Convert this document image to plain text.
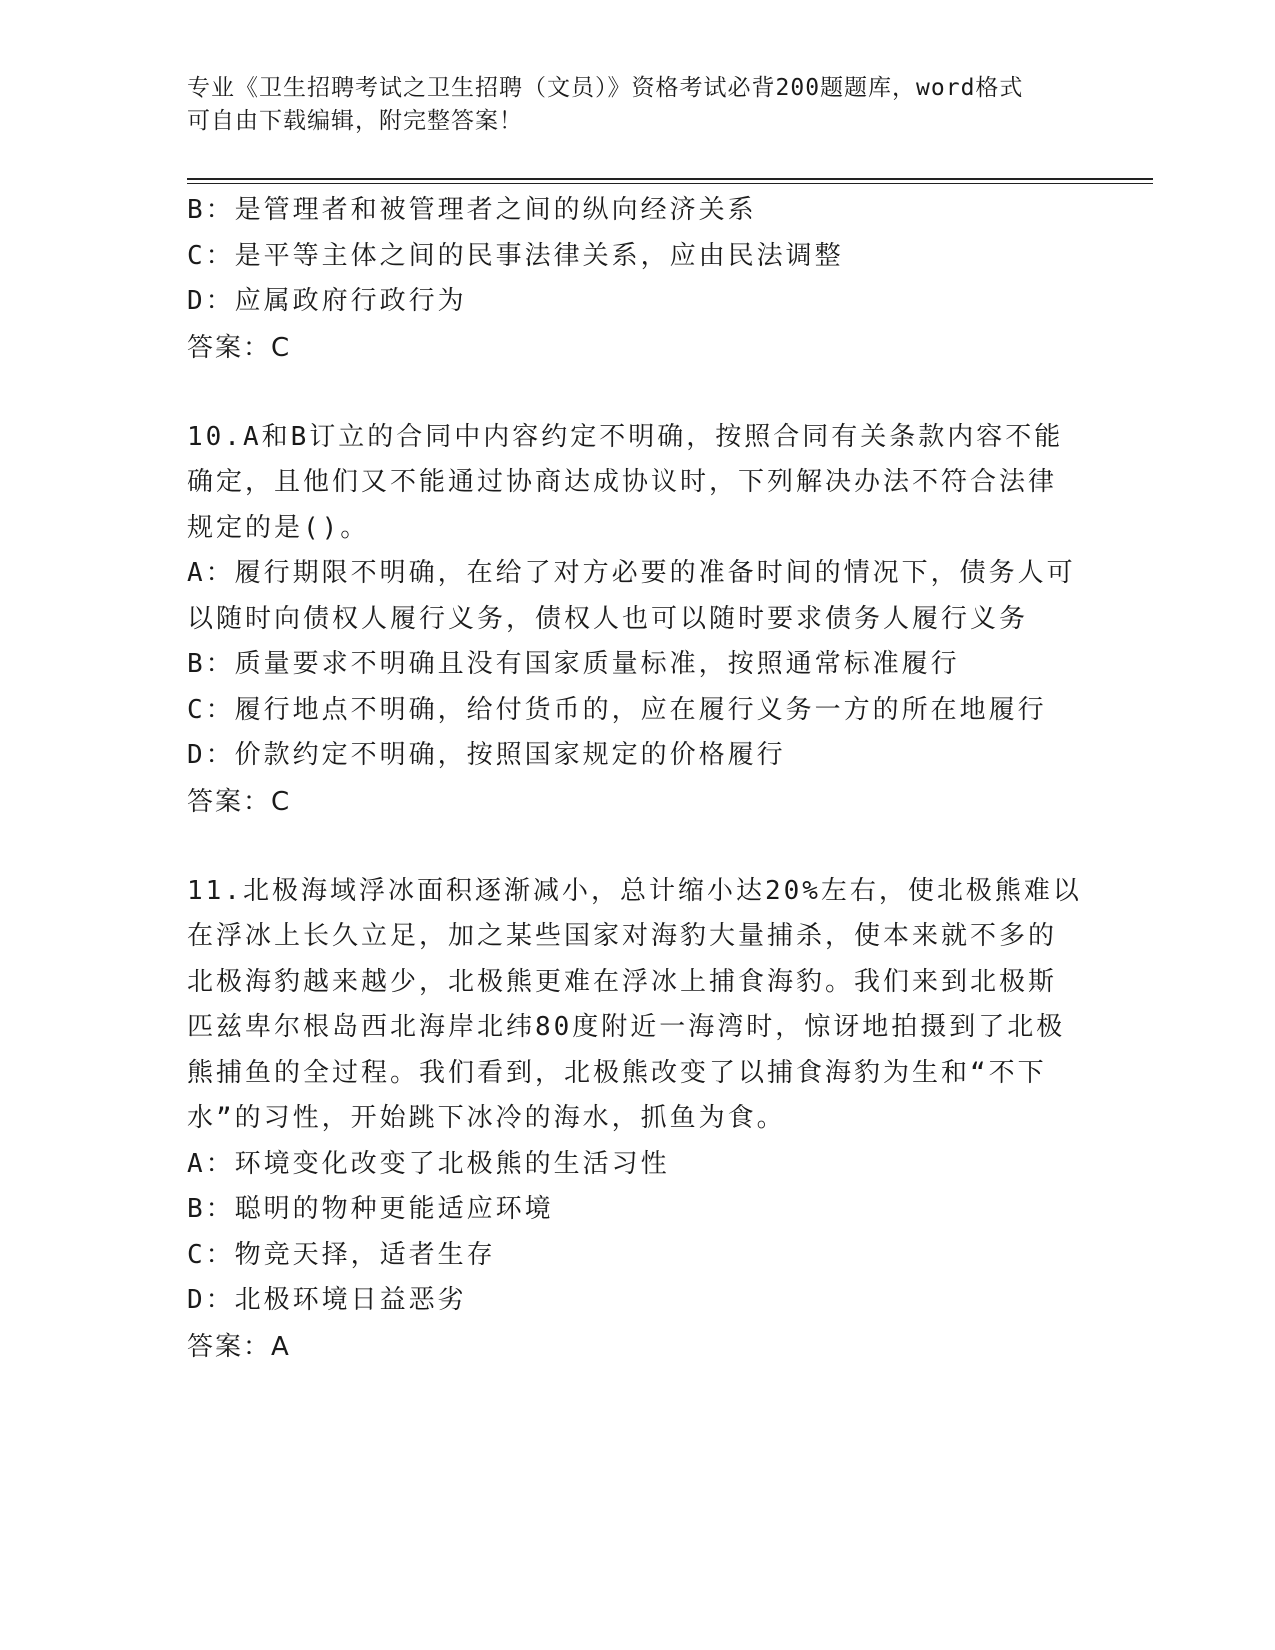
专业《卫生招聘考试之卫生招聘（文员）》资格考试必背200题题库，word格式
可自由下载编辑，附完整答案！
B：是管理者和被管理者之间的纵向经济关系
C：是平等主体之间的民事法律关系，应由民法调整
D：应属政府行政行为
答案：C
10.A和B订立的合同中内容约定不明确，按照合同有关条款内容不能
确定，且他们又不能通过协商达成协议时，下列解决办法不符合法律
规定的是()。
A：履行期限不明确，在给了对方必要的准备时间的情况下，债务人可
以随时向债权人履行义务，债权人也可以随时要求债务人履行义务
B：质量要求不明确且没有国家质量标准，按照通常标准履行
C：履行地点不明确，给付货币的，应在履行义务一方的所在地履行
D：价款约定不明确，按照国家规定的价格履行
答案：C
11.北极海域浮冰面积逐渐减小，总计缩小达20%左右，使北极熊难以
在浮冰上长久立足，加之某些国家对海豹大量捕杀，使本来就不多的
北极海豹越来越少，北极熊更难在浮冰上捕食海豹。我们来到北极斯
匹兹卑尔根岛西北海岸北纬80度附近一海湾时，惊讶地拍摄到了北极
熊捕鱼的全过程。我们看到，北极熊改变了以捕食海豹为生和“不下
水”的习性，开始跳下冰冷的海水，抓鱼为食。
A：环境变化改变了北极熊的生活习性
B：聪明的物种更能适应环境
C：物竞天择，适者生存
D：北极环境日益恶劣
答案：A
